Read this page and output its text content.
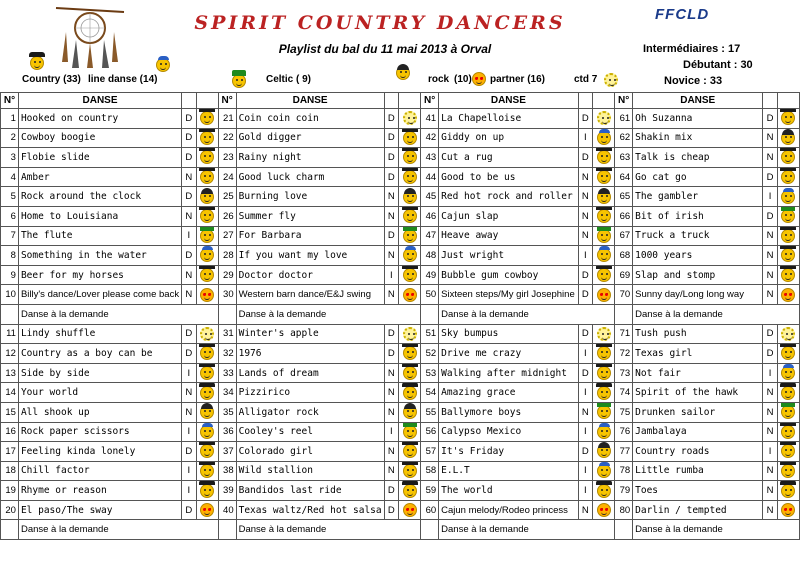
SPIRIT COUNTRY DANCERS
Playlist du bal du 11 mai 2013 à Orval
FFCLD
Intermédiaires : 17
Débutant : 30
Novice : 33
Country (33) line danse (14)	Celtic ( 9)	rock (10) partner (16)	ctd 7
N°	DANSE			N°	DANSE			N°	DANSE			N°	DANSE		
1	Hooked on country	D		21	Coin coin coin	D		41	La Chapelloise	D		61	Oh Suzanna	D	

2	Cowboy boogie	D		22	Gold digger	D		42	Giddy on up	I		62	Shakin mix	N	

3	Flobie slide	D		23	Rainy night	D		43	Cut a rug	D		63	Talk is cheap	N	

4	Amber	N		24	Good luck charm	D		44	Good to be us	N		64	Go cat go	D	

5	Rock around the clock	D		25	Burning love	N		45	Red hot rock and roller	N		65	The gambler	I	

6	Home to Louisiana	N		26	Summer fly	N		46	Cajun slap	N		66	Bit of irish	D	

7	The flute	I		27	For Barbara	D		47	Heave away	N		67	Truck a truck	N	

8	Something in the water	D		28	If you want my love	N		48	Just wright	I		68	1000 years	N	

9	Beer for my horses	N		29	Doctor doctor	I		49	Bubble gum cowboy	D		69	Slap and stomp	N	

10	Billy's dance/Lover please come back	N		30	Western barn dance/E&J swing	N		50	Sixteen steps/My girl Josephine	D		70	Sunny day/Long long way	N	

	Danse à la demande				Danse à la demande				Danse à la demande				Danse à la demande		
11	Lindy shuffle	D		31	Winter's apple	D		51	Sky bumpus	D		71	Tush push	D	
12	Country as a boy can be	D		32	1976	D		52	Drive me crazy	I		72	Texas girl	D	

13	Side by side	I		33	Lands of dream	N		53	Walking after midnight	D		73	Not fair	I	

14	Your world	N		34	Pizzirico	N		54	Amazing grace	I		74	Spirit of the hawk	N	

15	All shook up	N		35	Alligator rock	N		55	Ballymore boys	N		75	Drunken sailor	N	

16	Rock paper scissors	I		36	Cooley's reel	I		56	Calypso Mexico	I		76	Jambalaya	N	

17	Feeling kinda lonely	D		37	Colorado girl	N		57	It's Friday	D		77	Country roads	I	

18	Chill factor	I		38	Wild stallion	N		58	E.L.T	I		78	Little rumba	N	

19	Rhyme or reason	I		39	Bandidos last ride	D		59	The world	I		79	Toes	N	

20	El paso/The sway	D		40	Texas waltz/Red hot salsa	D		60	Cajun melody/Rodeo princess	N		80	Darlin / tempted	N	

	Danse à la demande				Danse à la demande				Danse à la demande				Danse à la demande		
